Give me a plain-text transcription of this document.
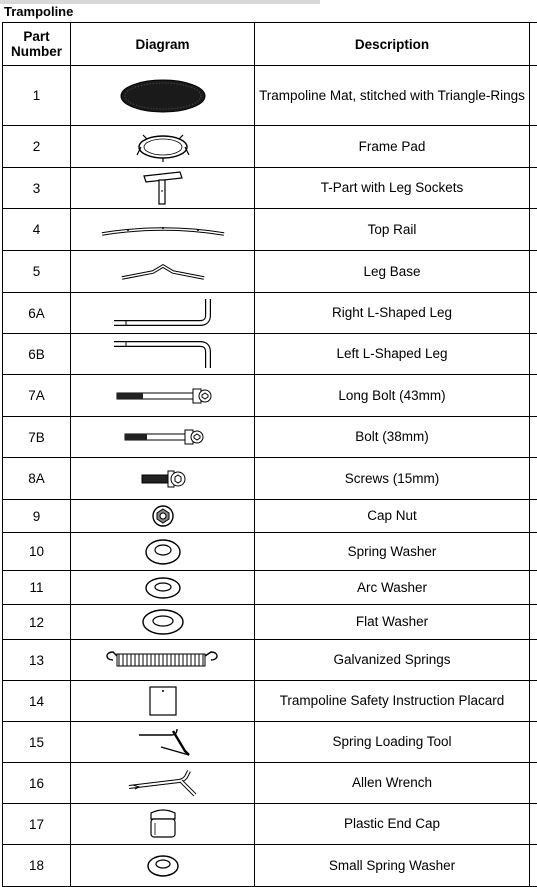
Trampoline
Part Number	Diagram	Description	
1		Trampoline Mat, stitched with Triangle-Rings	
2		Frame Pad	
3		T-Part with Leg Sockets	
4		Top Rail	
5		Leg Base	
6A		Right L-Shaped Leg	
6B		Left L-Shaped Leg	
7A		Long Bolt (43mm)	
7B		Bolt (38mm)	
8A		Screws (15mm)	
9		Cap Nut	
10		Spring Washer	
11		Arc Washer	
12		Flat Washer	
13		Galvanized Springs	
14		Trampoline Safety Instruction Placard	
15		Spring Loading Tool	
16		Allen Wrench	
17		Plastic End Cap	
18		Small Spring Washer	
